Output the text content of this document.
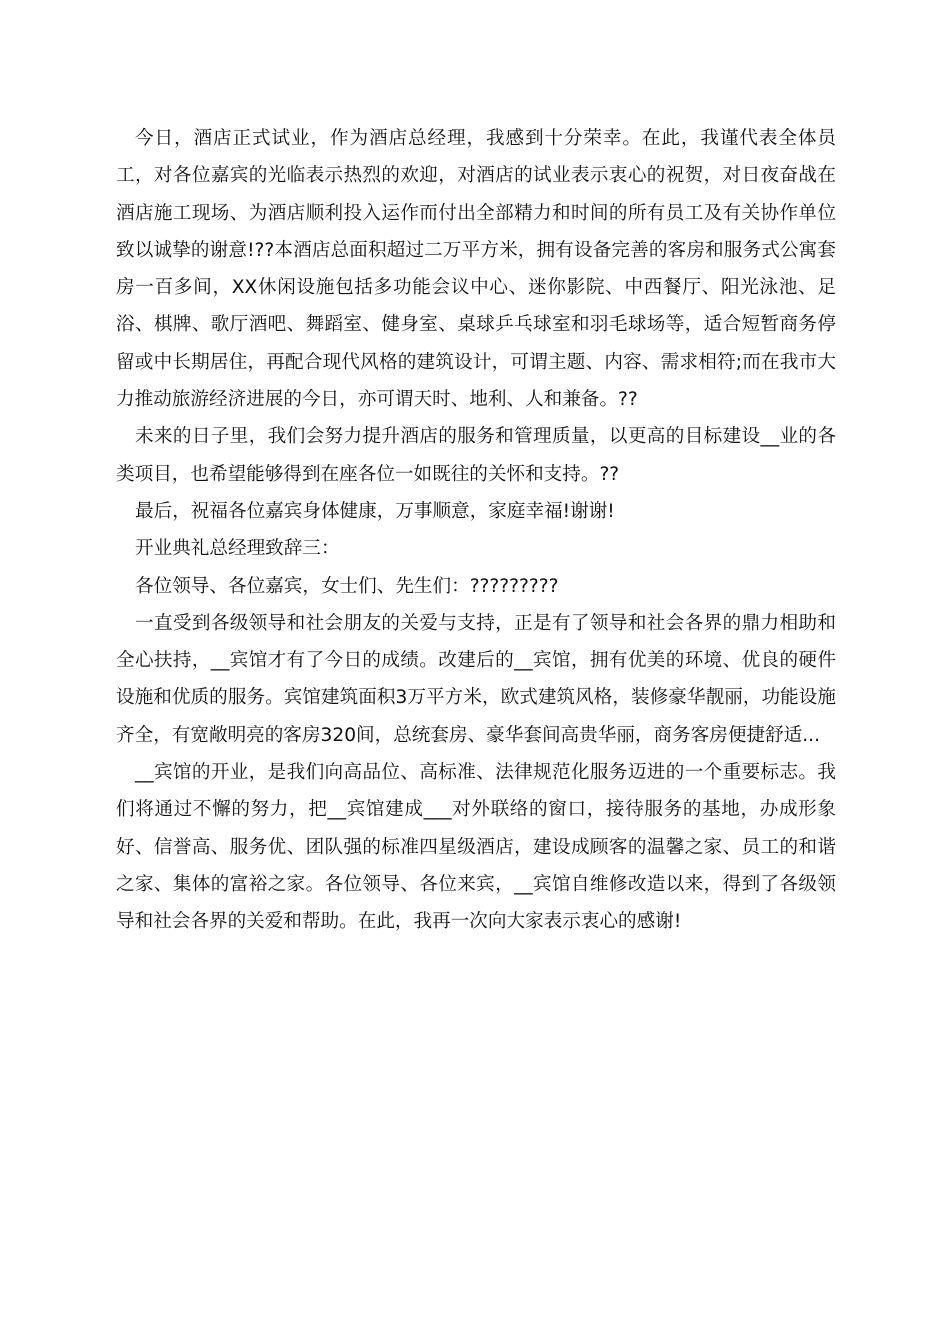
今日，酒店正式试业，作为酒店总经理，我感到十分荣幸。在此，我谨代表全体员工，对各位嘉宾的光临表示热烈的欢迎，对酒店的试业表示衷心的祝贺，对日夜奋战在酒店施工现场、为酒店顺利投入运作而付出全部精力和时间的所有员工及有关协作单位致以诚挚的谢意!??本酒店总面积超过二万平方米，拥有设备完善的客房和服务式公寓套房一百多间，XX休闲设施包括多功能会议中心、迷你影院、中西餐厅、阳光泳池、足浴、棋牌、歌厅酒吧、舞蹈室、健身室、桌球乒乓球室和羽毛球场等，适合短暂商务停留或中长期居住，再配合现代风格的建筑设计，可谓主题、内容、需求相符;而在我市大力推动旅游经济进展的今日，亦可谓天时、地利、人和兼备。??

未来的日子里，我们会努力提升酒店的服务和管理质量，以更高的目标建设__业的各类项目，也希望能够得到在座各位一如既往的关怀和支持。??

最后，祝福各位嘉宾身体健康，万事顺意，家庭幸福!谢谢!

开业典礼总经理致辞三：

各位领导、各位嘉宾，女士们、先生们：?????????

一直受到各级领导和社会朋友的关爱与支持，正是有了领导和社会各界的鼎力相助和全心扶持，__宾馆才有了今日的成绩。改建后的__宾馆，拥有优美的环境、优良的硬件设施和优质的服务。宾馆建筑面积3万平方米，欧式建筑风格，装修豪华靓丽，功能设施齐全，有宽敞明亮的客房320间，总统套房、豪华套间高贵华丽，商务客房便捷舒适...

__宾馆的开业，是我们向高品位、高标准、法律规范化服务迈进的一个重要标志。我们将通过不懈的努力，把__宾馆建成___对外联络的窗口，接待服务的基地，办成形象好、信誉高、服务优、团队强的标准四星级酒店，建设成顾客的温馨之家、员工的和谐之家、集体的富裕之家。各位领导、各位来宾，__宾馆自维修改造以来，得到了各级领导和社会各界的关爱和帮助。在此，我再一次向大家表示衷心的感谢!
